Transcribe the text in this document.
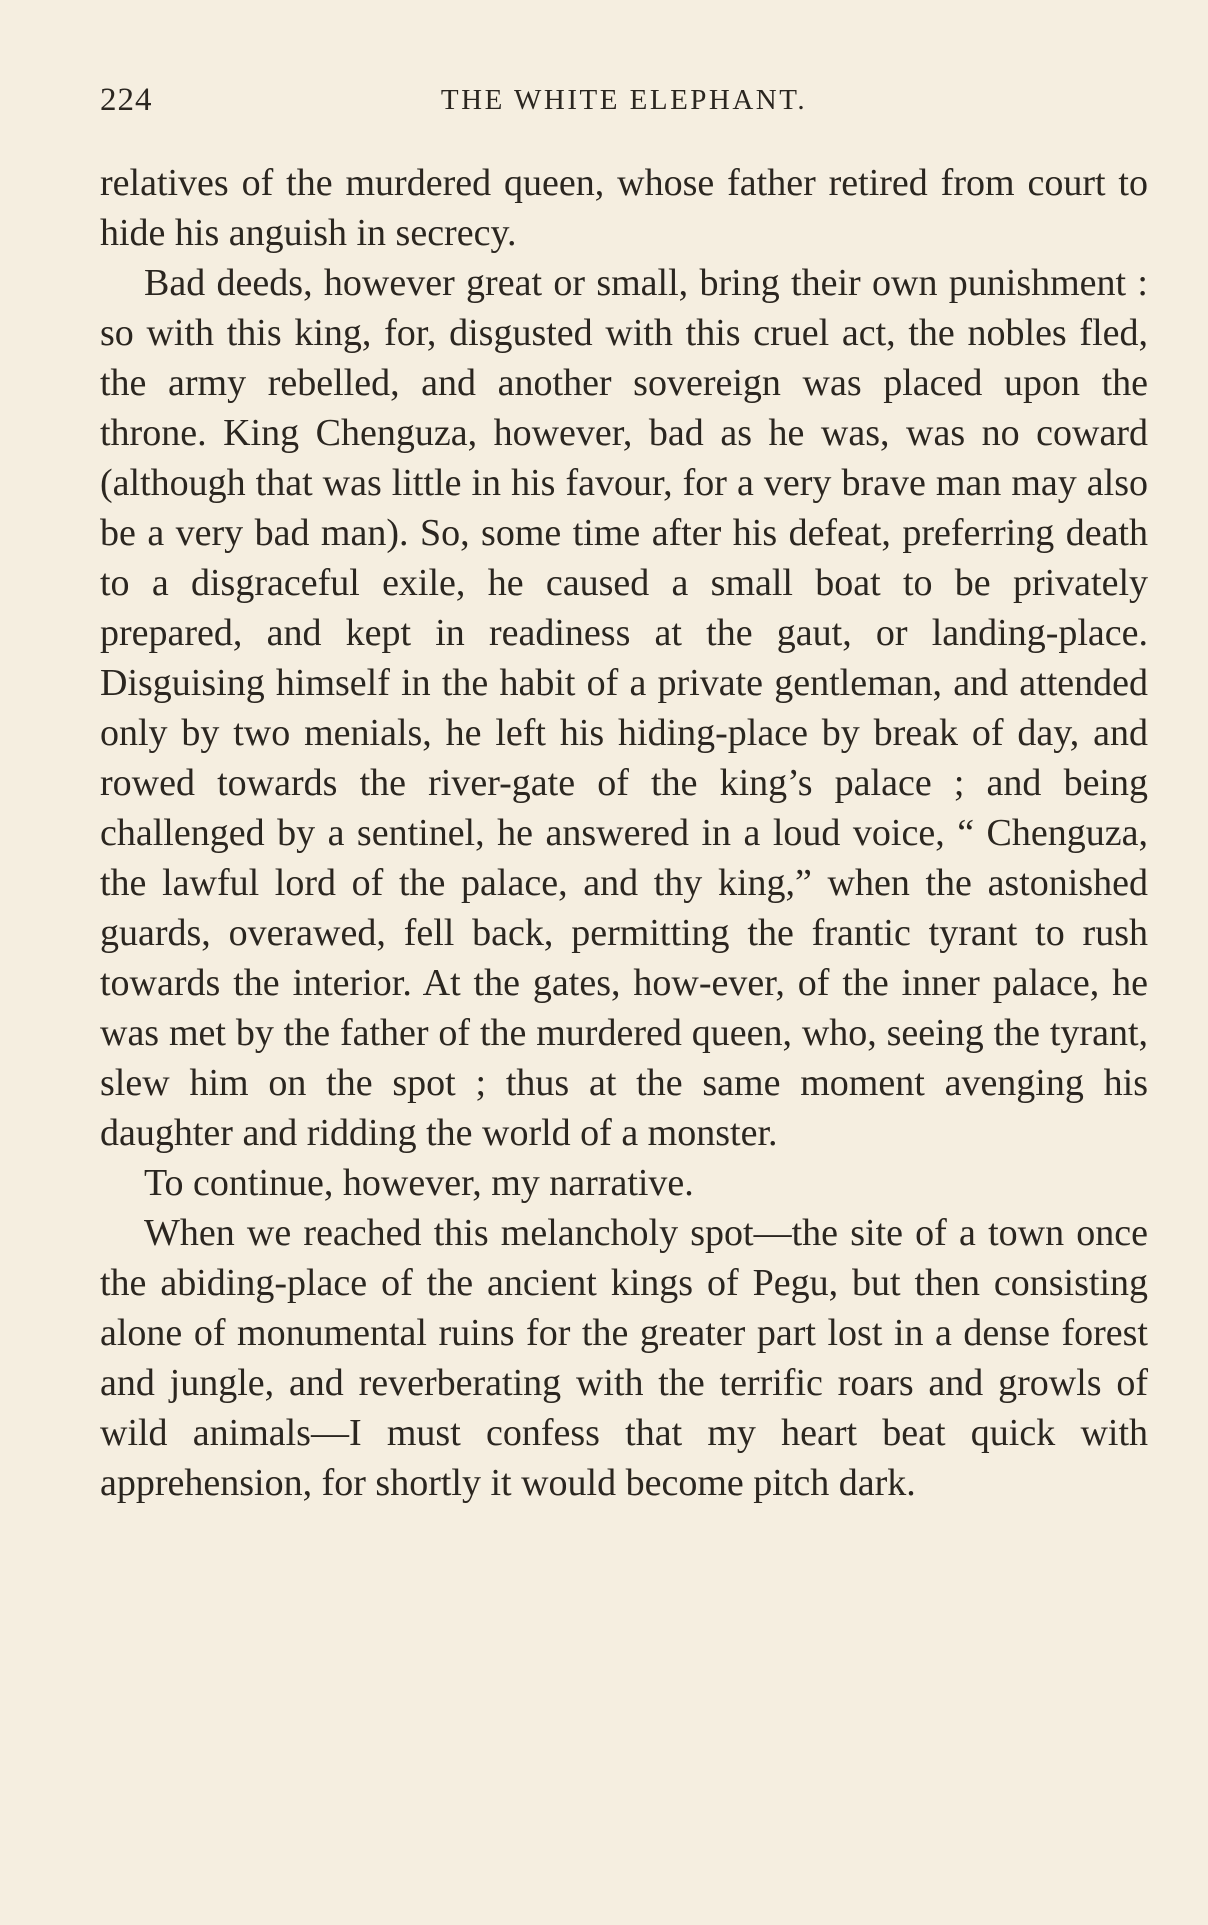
224	THE WHITE ELEPHANT.

relatives of the murdered queen, whose father retired from court to hide his anguish in secrecy.

Bad deeds, however great or small, bring their own punishment : so with this king, for, disgusted with this cruel act, the nobles fled, the army rebelled, and another sovereign was placed upon the throne. King Chenguza, however, bad as he was, was no coward (although that was little in his favour, for a very brave man may also be a very bad man). So, some time after his defeat, preferring death to a disgraceful exile, he caused a small boat to be privately prepared, and kept in readiness at the gaut, or landing-place. Disguising himself in the habit of a private gentleman, and attended only by two menials, he left his hiding-place by break of day, and rowed towards the river-gate of the king’s palace ; and being challenged by a sentinel, he answered in a loud voice, “ Chenguza, the lawful lord of the palace, and thy king,” when the astonished guards, overawed, fell back, permitting the frantic tyrant to rush towards the interior. At the gates, how-ever, of the inner palace, he was met by the father of the murdered queen, who, seeing the tyrant, slew him on the spot ; thus at the same moment avenging his daughter and ridding the world of a monster.

To continue, however, my narrative.

When we reached this melancholy spot—the site of a town once the abiding-place of the ancient kings of Pegu, but then consisting alone of monumental ruins for the greater part lost in a dense forest and jungle, and reverberating with the terrific roars and growls of wild animals—I must confess that my heart beat quick with apprehension, for shortly it would become pitch dark.
